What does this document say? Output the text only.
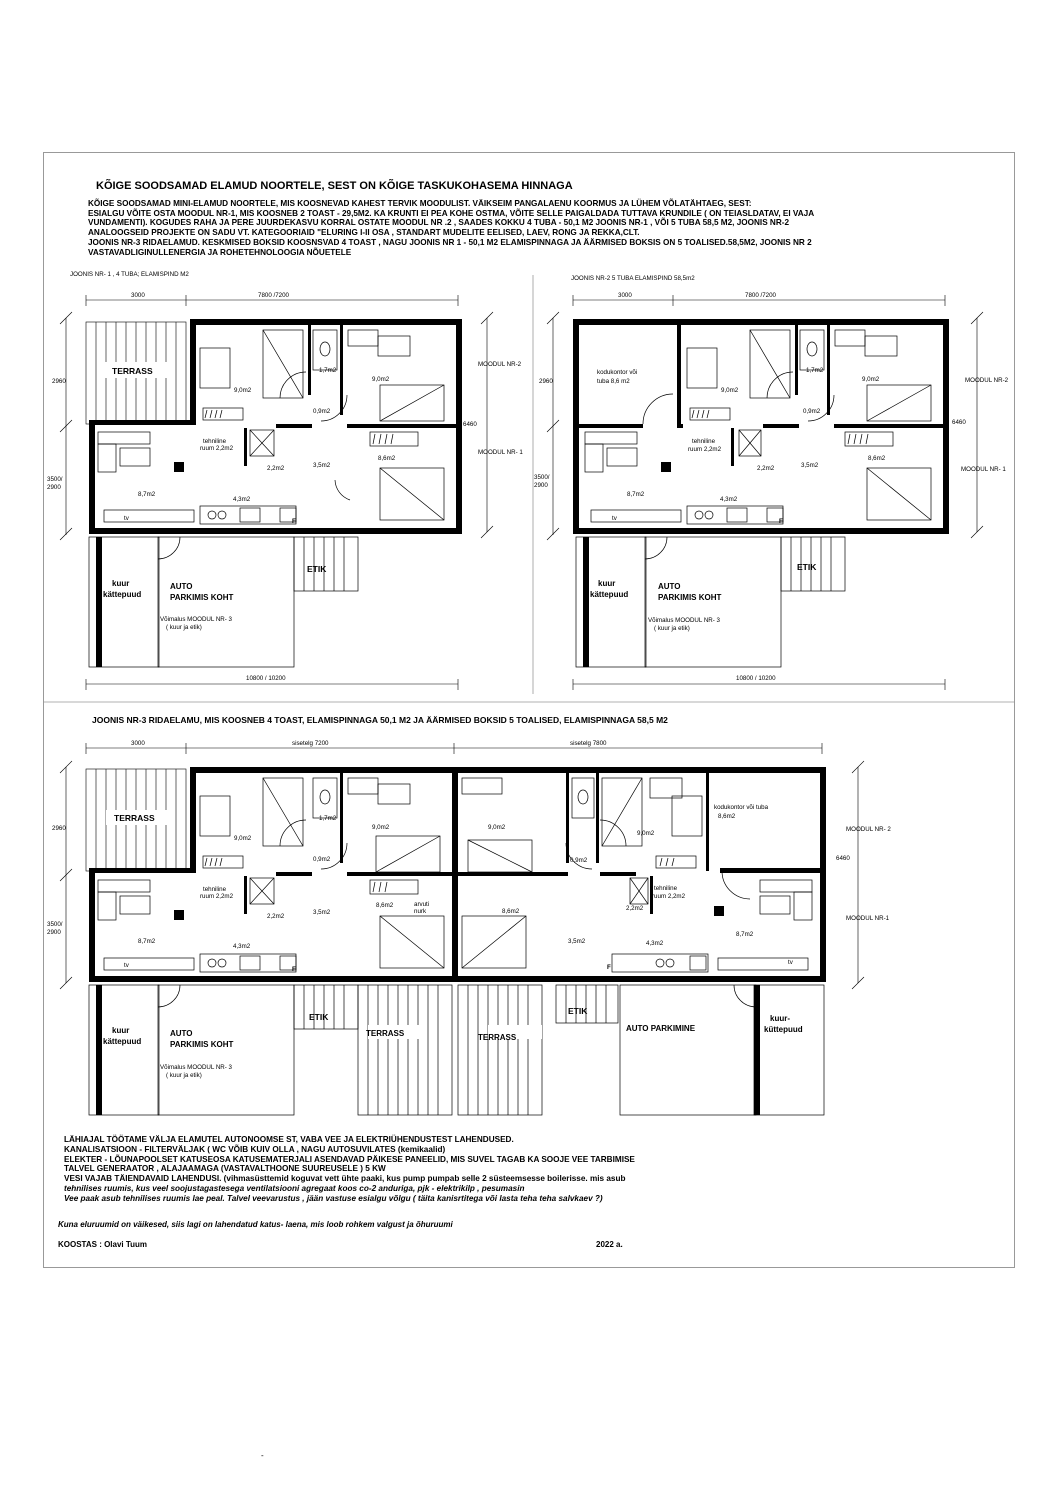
KÕIGE SOODSAMAD ELAMUD NOORTELE, SEST ON KÕIGE TASKUKOHASEMA HINNAGA
KÕIGE SOODSAMAD MINI-ELAMUD NOORTELE, MIS KOOSNEVAD KAHEST TERVIK MOODULIST. VÄIKSEIM PANGALAENU KOORMUS JA LÜHEM VÕLATÄHTAEG, SEST:
ESIALGU VÕITE OSTA MOODUL NR-1, MIS KOOSNEB 2 TOAST - 29,5M2. KA KRUNTI EI PEA KOHE OSTMA, VÕITE SELLE PAIGALDADA TUTTAVA KRUNDILE ( ON TEIASLDATAV, EI VAJA
VUNDAMENTI). KOGUDES RAHA JA PERE JUURDEKASVU KORRAL OSTATE MOODUL NR .2 , SAADES KOKKU 4 TUBA - 50,1 M2 JOONIS NR-1 , VÕI 5 TUBA 58,5 M2, JOONIS NR-2
ANALOOGSEID PROJEKTE ON SADU VT. KATEGOORIAID "ELURING I-II OSA , STANDART MUDELITE EELISED, LAEV, RONG JA REKKA,CLT.
JOONIS NR-3 RIDAELAMUD. KESKMISED BOKSID KOOSNSVAD 4 TOAST , NAGU JOONIS NR 1 - 50,1 M2 ELAMISPINNAGA JA ÄÄRMISED BOKSIS ON 5 TOALISED.58,5M2, JOONIS NR 2
VASTAVADLIGINULLENERGIA JA ROHETEHNOLOOGIA NÕUETELE
JOONIS NR- 1 , 4 TUBA; ELAMISPIND M2
3000	7800 /7200
2960
3500/
2900
6460
MOODUL NR-2
MOODUL NR- 1
10800 / 10200
TERRASS
9,0m2
1,7m2
9,0m2
0,9m2
tehniline
ruum 2,2m2
2,2m2	3,5m2
8,6m2
8,7m2
4,3m2
tv	F
ETIK
kuur
kättepuud
AUTO
PARKIMIS KOHT
Võimalus MOODUL NR- 3
( kuur ja etik)
JOONIS NR-2 5 TUBA ELAMISPIND 58,5m2
3000	7800 /7200
2960
3500/
2900
6460
MOODUL NR-2
MOODUL NR- 1
10800 / 10200
kodukontor või
tuba 8,6 m2
9,0m2
1,7m2
9,0m2
0,9m2
tehniline
ruum 2,2m2
2,2m2	3,5m2
8,6m2
8,7m2
4,3m2
tv	F
ETIK
kuur
kättepuud
AUTO
PARKIMIS KOHT
Võimalus MOODUL NR- 3
( kuur ja etik)
JOONIS NR-3 RIDAELAMU, MIS KOOSNEB 4 TOAST, ELAMISPINNAGA 50,1 M2 JA ÄÄRMISED BOKSID 5 TOALISED, ELAMISPINNAGA 58,5 M2
3000	sisetelg 7200	sisetelg 7800
2960
3500/
2900
6460
MOODUL NR- 2
MOODUL NR-1
TERRASS
9,0m2
1,7m2
9,0m2
0,9m2
tehniline
ruum 2,2m2
2,2m2
3,5m2
8,6m2	arvuti
nurk
8,7m2
4,3m2
tv
F
9,0m2
0,9m2
9,0m2
kodukontor või tuba
8,6m2
8,6m2
3,5m2	4,3m2
tehniline
ruum 2,2m2
2,2m2
8,7m2
tv
F
ETIK
ETIK
TERRASS	TERRASS
kuur
kättepuud
AUTO
PARKIMIS KOHT
Võimalus MOODUL NR- 3
( kuur ja etik)
AUTO PARKIMINE
kuur-
küttepuud
LÄHIAJAL TÖÖTAME VÄLJA ELAMUTEL AUTONOOMSE ST, VABA VEE JA ELEKTRIÜHENDUSTEST LAHENDUSED.
KANALISATSIOON - FILTERVÄLJAK ( WC VÕIB KUIV OLLA , NAGU AUTOSUVILATES (kemikaalid)
ELEKTER - LÕUNAPOOLSET KATUSEOSA KATUSEMATERJALI ASENDAVAD PÄIKESE PANEELID, MIS SUVEL TAGAB KA SOOJE VEE TARBIMISE
TALVEL GENERAATOR , ALAJAAMAGA (VASTAVALTHOONE SUUREUSELE ) 5 KW
VESI VAJAB TÄIENDAVAID LAHENDUSI. (vihmasüsttemid koguvat vett ühte paaki, kus pump pumpab selle 2 süsteemsesse boilerisse. mis asub
tehnilises ruumis, kus veel soojustagastesega ventilatsiooni agregaat koos co-2 anduriga, pjk - elektrikilp , pesumasin
Vee paak asub tehnilises ruumis lae peal. Talvel veevarustus , jään vastuse esialgu võlgu ( täita kanisrtitega või lasta teha teha salvkaev ?)
Kuna eluruumid on väikesed, siis lagi on lahendatud katus- laena, mis loob rohkem valgust ja õhuruumi
KOOSTAS : Olavi Tuum	2022 a.
-
